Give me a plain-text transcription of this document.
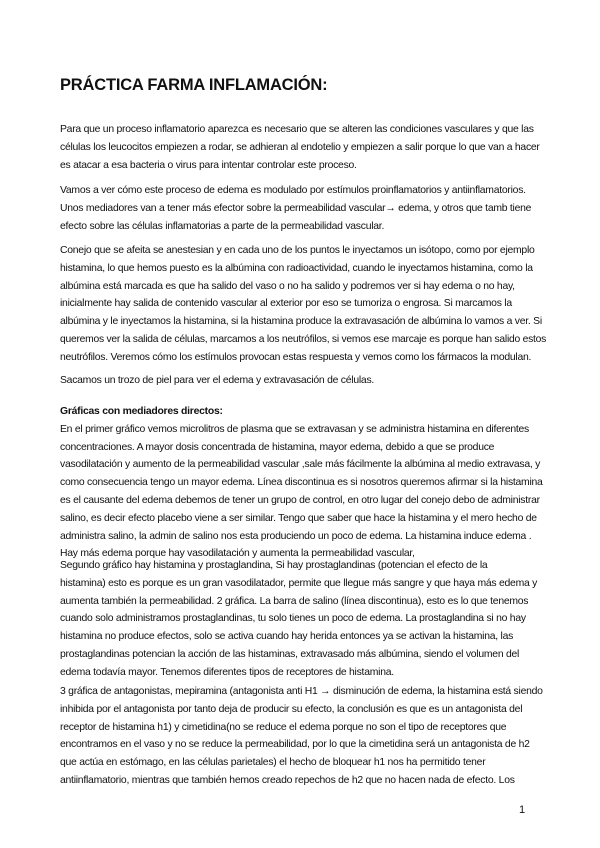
PRÁCTICA FARMA INFLAMACIÓN:
Para que un proceso inflamatorio aparezca es necesario que se alteren las condiciones vasculares y que las
células los leucocitos empiezen a rodar, se adhieran al endotelio y empiezen a salir porque lo que van a hacer
es atacar a esa bacteria o virus para intentar controlar este proceso.
Vamos a ver cómo este proceso de edema es modulado por estímulos proinflamatorios y antiinflamatorios.
Unos mediadores van a tener más efector sobre la permeabilidad vascular→ edema, y otros que tamb tiene
efecto sobre las células inflamatorias a parte de la permeabilidad vascular.
Conejo que se afeita se anestesian y en cada uno de los puntos le inyectamos un isótopo, como por ejemplo
histamina, lo que hemos puesto es la albúmina con radioactividad, cuando le inyectamos histamina, como la
albúmina está marcada es que ha salido del vaso o no ha salido y podremos ver si hay edema o no hay,
inicialmente hay salida de contenido vascular al exterior por eso se tumoriza o engrosa. Si marcamos la
albúmina y le inyectamos la histamina, si la histamina produce la extravasación de albúmina lo vamos a ver. Si
queremos ver la salida de células, marcamos a los neutrófilos, si vemos ese marcaje es porque han salido estos
neutrófilos. Veremos cómo los estímulos provocan estas respuesta y vemos como los fármacos la modulan.
Sacamos un trozo de piel para ver el edema y extravasación de células.
Gráficas con mediadores directos:
En el primer gráfico vemos microlitros de plasma que se extravasan y se administra histamina en diferentes
concentraciones. A mayor dosis concentrada de histamina, mayor edema, debido a que se produce
vasodilatación y aumento de la permeabilidad vascular ,sale más fácilmente la albúmina al medio extravasa, y
como consecuencia tengo un mayor edema. Línea discontinua es si nosotros queremos afirmar si la histamina
es el causante del edema debemos de tener un grupo de control, en otro lugar del conejo debo de administrar
salino, es decir efecto placebo viene a ser similar. Tengo que saber que hace la histamina y el mero hecho de
administra salino, la admin de salino nos esta produciendo un poco de edema. La histamina induce edema .
Hay más edema porque hay vasodilatación y aumenta la permeabilidad vascular,
Segundo gráfico hay histamina y prostaglandina, Si hay prostaglandinas (potencian el efecto de la
histamina) esto es porque es un gran vasodilatador, permite que llegue más sangre y que haya más edema y
aumenta también la permeabilidad. 2 gráfica. La barra de salino (línea discontinua), esto es lo que tenemos
cuando solo administramos prostaglandinas, tu solo tienes un poco de edema. La prostaglandina si no hay
histamina no produce efectos, solo se activa cuando hay herida entonces ya se activan la histamina, las
prostaglandinas potencian la acción de las histaminas, extravasado más albúmina, siendo el volumen del
edema todavía mayor. Tenemos diferentes tipos de receptores de histamina.
3 gráfica de antagonistas, mepiramina (antagonista anti H1 → disminución de edema, la histamina está siendo
inhibida por el antagonista por tanto deja de producir su efecto, la conclusión es que es un antagonista del
receptor de histamina h1) y cimetidina(no se reduce el edema porque no son el tipo de receptores que
encontramos en el vaso y no se reduce la permeabilidad, por lo que la cimetidina será un antagonista de h2
que actúa en estómago, en las células parietales) el hecho de bloquear h1 nos ha permitido tener
antiinflamatorio, mientras que también hemos creado repechos de h2 que no hacen nada de efecto. Los
1
